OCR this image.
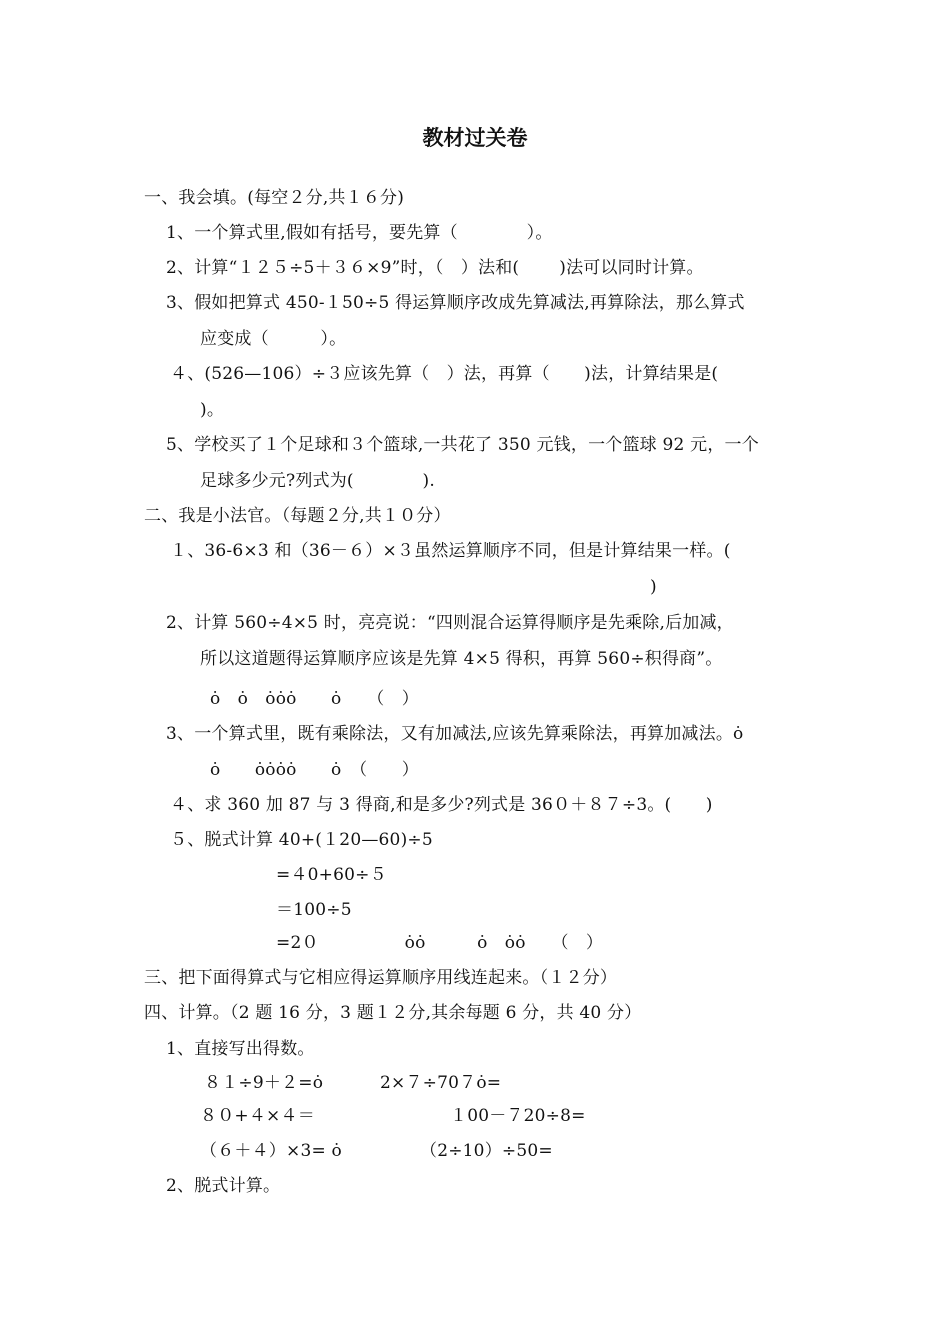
教材过关卷
一、我会填。(每空２分,共１６分)
1、一个算式里,假如有括号，要先算（　　　　）。
2、计算“１２５÷5＋３６×9”时，（　）法和(　　 )法可以同时计算。
3、假如把算式 450-１50÷5 得运算顺序改成先算减法,再算除法，那么算式
应变成（　　　）。
４、(526—106）÷３应该先算（　）法，再算（　　)法，计算结果是(
)。
5、学校买了１个足球和３个篮球,一共花了 350 元钱，一个篮球 92 元，一个
足球多少元?列式为(　　　　).
二、我是小法官。（每题２分,共１０分）
１、36-6×3 和（36－６）×３虽然运算顺序不同，但是计算结果一样。(
)
2、计算 560÷4×5 时，亮亮说：“四则混合运算得顺序是先乘除,后加减，
所以这道题得运算顺序应该是先算 4×5 得积，再算 560÷积得商”。
ȯ　ȯ　ȯȯȯ　　ȯ　　（　）
3、一个算式里，既有乘除法，又有加减法,应该先算乘除法，再算加减法。ȯ
ȯ　　ȯȯȯȯ　　ȯ　（　　）
４、求 360 加 87 与 3 得商,和是多少?列式是 36０＋８７÷3。(　　)
５、脱式计算 40+(１20—60)÷5
=４0+60÷５
＝100÷5
=2０　　　　　ȯȯ　　　ȯ　ȯȯ　　（　）
三、把下面得算式与它相应得运算顺序用线连起来。（１２分）
四、计算。（2 题 16 分，3 题１２分,其余每题 6 分，共 40 分）
1、直接写出得数。
８１÷9＋２=ȯ	2×７÷70７ȯ=
８０+４×４＝	１00－７20÷8=
（６＋４）×3= ȯ	（2÷10）÷50=
2、脱式计算。
